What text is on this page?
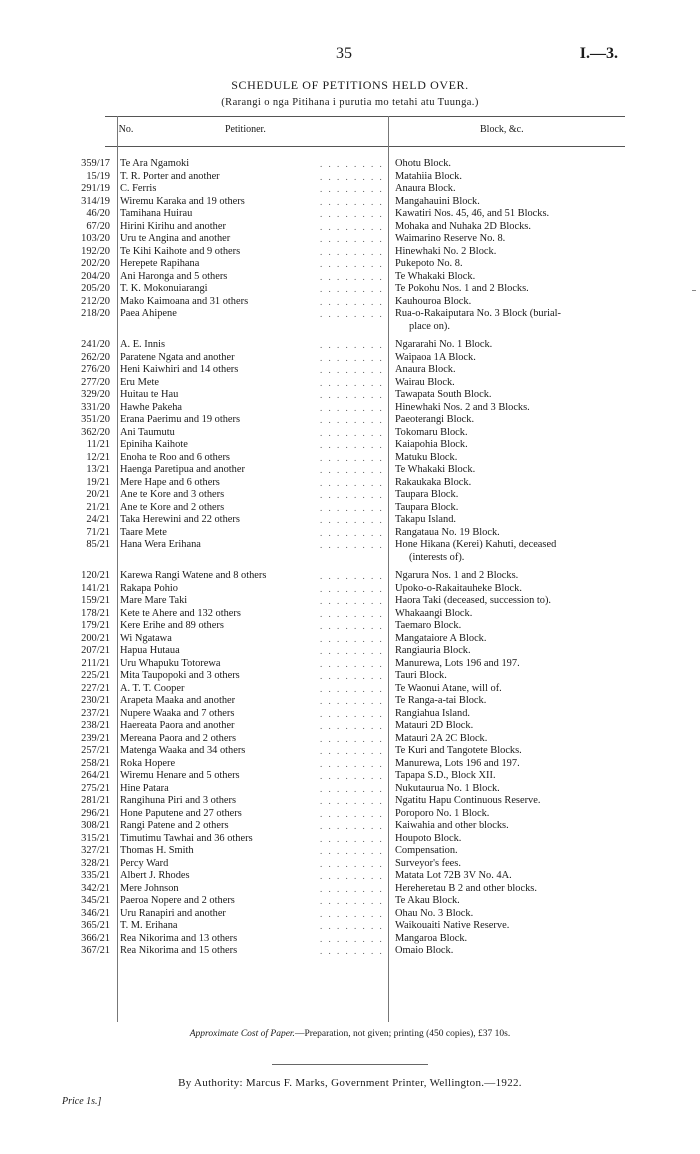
35	I.—3.
SCHEDULE OF PETITIONS HELD OVER.
(Rarangi o nga Pitihana i purutia mo tetahi atu Tuunga.)
No.	Petitioner.	Block, &c.
359/17 Te Ara Ngamoki	. . . . . . . . Ohotu Block.
15/19 T. R. Porter and another	. . . . . . . . Matahiia Block.
291/19 C. Ferris	. . . . . . . . Anaura Block.
314/19 Wiremu Karaka and 19 others	. . . . . . . . Mangahauini Block.
46/20 Tamihana Huirau	. . . . . . . . Kawatiri Nos. 45, 46, and 51 Blocks.
67/20 Hirini Kirihu and another	. . . . . . . . Mohaka and Nuhaka 2D Blocks.
103/20 Uru te Angina and another	. . . . . . . . Waimarino Reserve No. 8.
192/20 Te Kihi Kaihote and 9 others	. . . . . . . . Hinewhaki No. 2 Block.
202/20 Herepete Rapihana	. . . . . . . . Pukepoto No. 8.
204/20 Ani Haronga and 5 others	. . . . . . . . Te Whakaki Block.
205/20 T. K. Mokonuiarangi	. . . . . . . . Te Pokohu Nos. 1 and 2 Blocks.
212/20 Mako Kaimoana and 31 others	. . . . . . . . Kauhouroa Block.
218/20 Paea Ahipene	. . . . . . . . Rua-o-Rakaiputara No. 3 Block (burial-
place on).
241/20 A. E. Innis	. . . . . . . . Ngararahi No. 1 Block.
262/20 Paratene Ngata and another	. . . . . . . . Waipaoa 1A Block.
276/20 Heni Kaiwhiri and 14 others	. . . . . . . . Anaura Block.
277/20 Eru Mete	. . . . . . . . Wairau Block.
329/20 Huitau te Hau	. . . . . . . . Tawapata South Block.
331/20 Hawhe Pakeha	. . . . . . . . Hinewhaki Nos. 2 and 3 Blocks.
351/20 Erana Paerimu and 19 others	. . . . . . . . Paeoterangi Block.
362/20 Ani Taumutu	. . . . . . . . Tokomaru Block.
11/21 Epiniha Kaihote	. . . . . . . . Kaiapohia Block.
12/21 Enoha te Roo and 6 others	. . . . . . . . Matuku Block.
13/21 Haenga Paretipua and another	. . . . . . . . Te Whakaki Block.
19/21 Mere Hape and 6 others	. . . . . . . . Rakaukaka Block.
20/21 Ane te Kore and 3 others	. . . . . . . . Taupara Block.
21/21 Ane te Kore and 2 others	. . . . . . . . Taupara Block.
24/21 Taka Herewini and 22 others	. . . . . . . . Takapu Island.
71/21 Taare Mete	. . . . . . . . Rangataua No. 19 Block.
85/21 Hana Wera Erihana	. . . . . . . . Hone Hikana (Kerei) Kahuti, deceased
(interests of).
120/21 Karewa Rangi Watene and 8 others	. . . . . . . . Ngarura Nos. 1 and 2 Blocks.
141/21 Rakapa Pohio	. . . . . . . . Upoko-o-Rakaitauheke Block.
159/21 Mare Mare Taki	. . . . . . . . Haora Taki (deceased, succession to).
178/21 Kete te Ahere and 132 others	. . . . . . . . Whakaangi Block.
179/21 Kere Erihe and 89 others	. . . . . . . . Taemaro Block.
200/21 Wi Ngatawa	. . . . . . . . Mangataiore A Block.
207/21 Hapua Hutaua	. . . . . . . . Rangiauria Block.
211/21 Uru Whapuku Totorewa	. . . . . . . . Manurewa, Lots 196 and 197.
225/21 Mita Taupopoki and 3 others	. . . . . . . . Tauri Block.
227/21 A. T. T. Cooper	. . . . . . . . Te Waonui Atane, will of.
230/21 Arapeta Maaka and another	. . . . . . . . Te Ranga-a-tai Block.
237/21 Nupere Waaka and 7 others	. . . . . . . . Rangiahua Island.
238/21 Haereata Paora and another	. . . . . . . . Matauri 2D Block.
239/21 Mereana Paora and 2 others	. . . . . . . . Matauri 2A 2C Block.
257/21 Matenga Waaka and 34 others	. . . . . . . . Te Kuri and Tangotete Blocks.
258/21 Roka Hopere	. . . . . . . . Manurewa, Lots 196 and 197.
264/21 Wiremu Henare and 5 others	. . . . . . . . Tapapa S.D., Block XII.
275/21 Hine Patara	. . . . . . . . Nukutaurua No. 1 Block.
281/21 Rangihuna Piri and 3 others	. . . . . . . . Ngatitu Hapu Continuous Reserve.
296/21 Hone Paputene and 27 others	. . . . . . . . Poroporo No. 1 Block.
308/21 Rangi Patene and 2 others	. . . . . . . . Kaiwahia and other blocks.
315/21 Timutimu Tawhai and 36 others	. . . . . . . . Houpoto Block.
327/21 Thomas H. Smith	. . . . . . . . Compensation.
328/21 Percy Ward	. . . . . . . . Surveyor's fees.
335/21 Albert J. Rhodes	. . . . . . . . Matata Lot 72B 3V No. 4A.
342/21 Mere Johnson	. . . . . . . . Hereheretau B 2 and other blocks.
345/21 Paeroa Nopere and 2 others	. . . . . . . . Te Akau Block.
346/21 Uru Ranapiri and another	. . . . . . . . Ohau No. 3 Block.
365/21 T. M. Erihana	. . . . . . . . Waikouaiti Native Reserve.
366/21 Rea Nikorima and 13 others	. . . . . . . . Mangaroa Block.
367/21 Rea Nikorima and 15 others	. . . . . . . . Omaio Block.
Approximate Cost of Paper.—Preparation, not given; printing (450 copies), £37 10s.
By Authority: Marcus F. Marks, Government Printer, Wellington.—1922.
Price 1s.]
